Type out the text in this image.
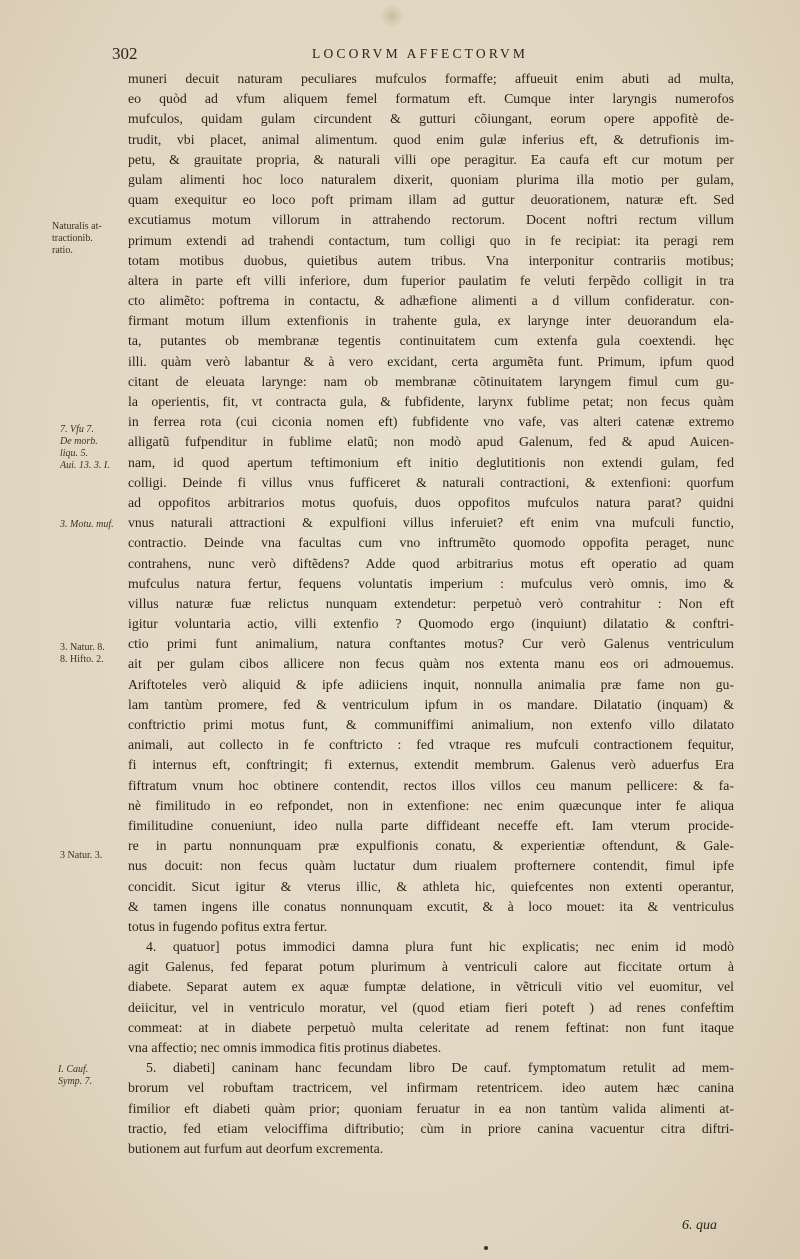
302	LOCORVM AFFECTORVM
muneri decuit naturam peculiares mufculos formaffe; affueuit enim abuti ad multa,
eo quòd ad vfum aliquem femel formatum eft. Cumque inter laryngis numerofos
mufculos, quidam gulam circundent & gutturi cõiungant, eorum opere appofitè de-
trudit, vbi placet, animal alimentum. quod enim gulæ inferius eft, & detrufionis im-
petu, & grauitate propria, & naturali villi ope peragitur. Ea caufa eft cur motum per
gulam alimenti hoc loco naturalem dixerit, quoniam plurima illa motio per gulam,
quam exequitur eo loco poft primam illam ad guttur deuorationem, naturæ eft. Sed
excutiamus motum villorum in attrahendo rectorum. Docent noftri rectum villum
primum extendi ad trahendi contactum, tum colligi quo in fe recipiat: ita peragi rem
totam motibus duobus, quietibus autem tribus. Vna interponitur contrariis motibus;
altera in parte eft villi inferiore, dum fuperior paulatim fe veluti ferpẽdo colligit in tra
cto alimẽto: poftrema in contactu, & adhæfione alimenti a d villum confideratur. con-
firmant motum illum extenfionis in trahente gula, ex larynge inter deuorandum ela-
ta, putantes ob membranæ tegentis continuitatem cum extenfa gula coextendi. hęc
illi. quàm verò labantur & à vero excidant, certa argumẽta funt. Primum, ipfum quod
citant de eleuata larynge: nam ob membranæ cõtinuitatem laryngem fimul cum gu-
la operientis, fit, vt contracta gula, & fubfidente, larynx fublime petat; non fecus quàm
in ferrea rota (cui ciconia nomen eft) fubfidente vno vafe, vas alteri catenæ extremo
alligatũ fufpenditur in fublime elatũ; non modò apud Galenum, fed & apud Auicen-
nam, id quod apertum teftimonium eft initio deglutitionis non extendi gulam, fed
colligi. Deinde fi villus vnus fufficeret & naturali contractioni, & extenfioni: quorfum
ad oppofitos arbitrarios motus quofuis, duos oppofitos mufculos natura parat? quidni
vnus naturali attractioni & expulfioni villus inferuiet? eft enim vna mufculi functio,
contractio. Deinde vna facultas cum vno inftrumẽto quomodo oppofita peraget, nunc
contrahens, nunc verò diftẽdens? Adde quod arbitrarius motus eft operatio ad quam
mufculus natura fertur, fequens voluntatis imperium : mufculus verò omnis, imo &
villus naturæ fuæ relictus nunquam extendetur: perpetuò verò contrahitur : Non eft
igitur voluntaria actio, villi extenfio ? Quomodo ergo (inquiunt) dilatatio & conftri-
ctio primi funt animalium, natura conftantes motus? Cur verò Galenus ventriculum
ait per gulam cibos allicere non fecus quàm nos extenta manu eos ori admouemus.
Ariftoteles verò aliquid & ipfe adiiciens inquit, nonnulla animalia præ fame non gu-
lam tantùm promere, fed & ventriculum ipfum in os mandare. Dilatatio (inquam) &
conftrictio primi motus funt, & communiffimi animalium, non extenfo villo dilatato
animali, aut collecto in fe conftricto : fed vtraque res mufculi contractionem fequitur,
fi internus eft, conftringit; fi externus, extendit membrum. Galenus verò aduerfus Era
fiftratum vnum hoc obtinere contendit, rectos illos villos ceu manum pellicere: & fa-
nè fimilitudo in eo refpondet, non in extenfione: nec enim quæcunque inter fe aliqua
fimilitudine conueniunt, ideo nulla parte diffideant neceffe eft. Iam vterum procide-
re in partu nonnunquam præ expulfionis conatu, & experientiæ oftendunt, & Gale-
nus docuit: non fecus quàm luctatur dum riualem profternere contendit, fimul ipfe
concidit. Sicut igitur & vterus illic, & athleta hic, quiefcentes non extenti operantur,
& tamen ingens ille conatus nonnunquam excutit, & à loco mouet: ita & ventriculus
totus in fugendo pofitus extra fertur.
4. quatuor] potus immodici damna plura funt hic explicatis; nec enim id modò
agit Galenus, fed feparat potum plurimum à ventriculi calore aut ficcitate ortum à
diabete. Separat autem ex aquæ fumptæ delatione, in vẽtriculi vitio vel euomitur, vel
deiicitur, vel in ventriculo moratur, vel (quod etiam fieri poteft ) ad renes confeftim
commeat: at in diabete perpetuò multa celeritate ad renem feftinat: non funt itaque
vna affectio; nec omnis immodica fitis protinus diabetes.
5. diabeti] caninam hanc fecundam libro De cauf. fymptomatum retulit ad mem-
brorum vel robuftam tractricem, vel infirmam retentricem. ideo autem hæc canina
fimilior eft diabeti quàm prior; quoniam feruatur in ea non tantùm valida alimenti at-
tractio, fed etiam velociffima diftributio; cùm in priore canina vacuentur citra diftri-
butionem aut furfum aut deorfum excrementa.
Naturalis at-
tractionib.
ratio.
7. Vfu 7.
De morb.
liqu. 5.
Aui. 13. 3. I.
3. Motu. muf.
3. Natur. 8.
8. Hifto. 2.
3 Natur. 3.
I. Cauf.
Symp. 7.
6. qua
